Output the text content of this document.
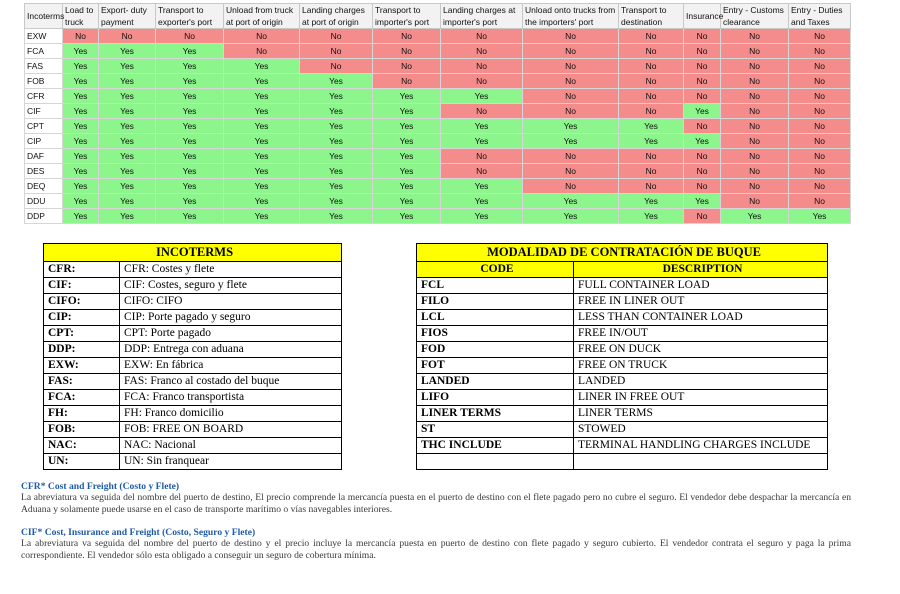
Incoterms	Load to truck	Export- duty payment	Transport to exporter's port	Unload from truck at port of origin	Landing charges at port of origin	Transport to importer's port	Landing charges at importer's port	Unload onto trucks from the importers' port	Transport to destination	Insurance	Entry - Customs clearance	Entry - Duties and Taxes
EXW	No	No	No	No	No	No	No	No	No	No	No	No
FCA	Yes	Yes	Yes	No	No	No	No	No	No	No	No	No
FAS	Yes	Yes	Yes	Yes	No	No	No	No	No	No	No	No
FOB	Yes	Yes	Yes	Yes	Yes	No	No	No	No	No	No	No
CFR	Yes	Yes	Yes	Yes	Yes	Yes	Yes	No	No	No	No	No
CIF	Yes	Yes	Yes	Yes	Yes	Yes	No	No	No	Yes	No	No
CPT	Yes	Yes	Yes	Yes	Yes	Yes	Yes	Yes	Yes	No	No	No
CIP	Yes	Yes	Yes	Yes	Yes	Yes	Yes	Yes	Yes	Yes	No	No
DAF	Yes	Yes	Yes	Yes	Yes	Yes	No	No	No	No	No	No
DES	Yes	Yes	Yes	Yes	Yes	Yes	No	No	No	No	No	No
DEQ	Yes	Yes	Yes	Yes	Yes	Yes	Yes	No	No	No	No	No
DDU	Yes	Yes	Yes	Yes	Yes	Yes	Yes	Yes	Yes	Yes	No	No
DDP	Yes	Yes	Yes	Yes	Yes	Yes	Yes	Yes	Yes	No	Yes	Yes
INCOTERMS	
CFR:	CFR: Costes y flete
CIF:	CIF: Costes, seguro y flete
CIFO:	CIFO: CIFO
CIP:	CIP: Porte pagado y seguro
CPT:	CPT: Porte pagado
DDP:	DDP: Entrega con aduana
EXW:	EXW: En fábrica
FAS:	FAS: Franco al costado del buque
FCA:	FCA: Franco transportista
FH:	FH: Franco domicilio
FOB:	FOB: FREE ON BOARD
NAC:	NAC: Nacional
UN:	UN: Sin franquear
MODALIDAD DE CONTRATACIÓN DE BUQUE	
CODE	DESCRIPTION
FCL	FULL CONTAINER LOAD
FILO	FREE IN LINER OUT
LCL	LESS THAN CONTAINER LOAD
FIOS	FREE IN/OUT
FOD	FREE ON DUCK
FOT	FREE ON TRUCK
LANDED	LANDED
LIFO	LINER IN FREE OUT
LINER TERMS	LINER TERMS
ST	STOWED
THC INCLUDE	TERMINAL HANDLING CHARGES INCLUDE

CFR* Cost and Freight (Costo y Flete)

La abreviatura va seguida del nombre del puerto de destino, El precio comprende la mercancía puesta en el puerto de destino con el flete pagado pero no cubre el seguro. El vendedor debe despachar la mercancía en Aduana y solamente puede usarse en el caso de transporte marítimo o vías navegables interiores.

CIF* Cost, Insurance and Freight (Costo, Seguro y Flete)

La abreviatura va seguida del nombre del puerto de destino y el precio incluye la mercancía puesta en puerto de destino con flete pagado y seguro cubierto. El vendedor contrata el seguro y paga la prima correspondiente. El vendedor sólo esta obligado a conseguir un seguro de cobertura mínima.
